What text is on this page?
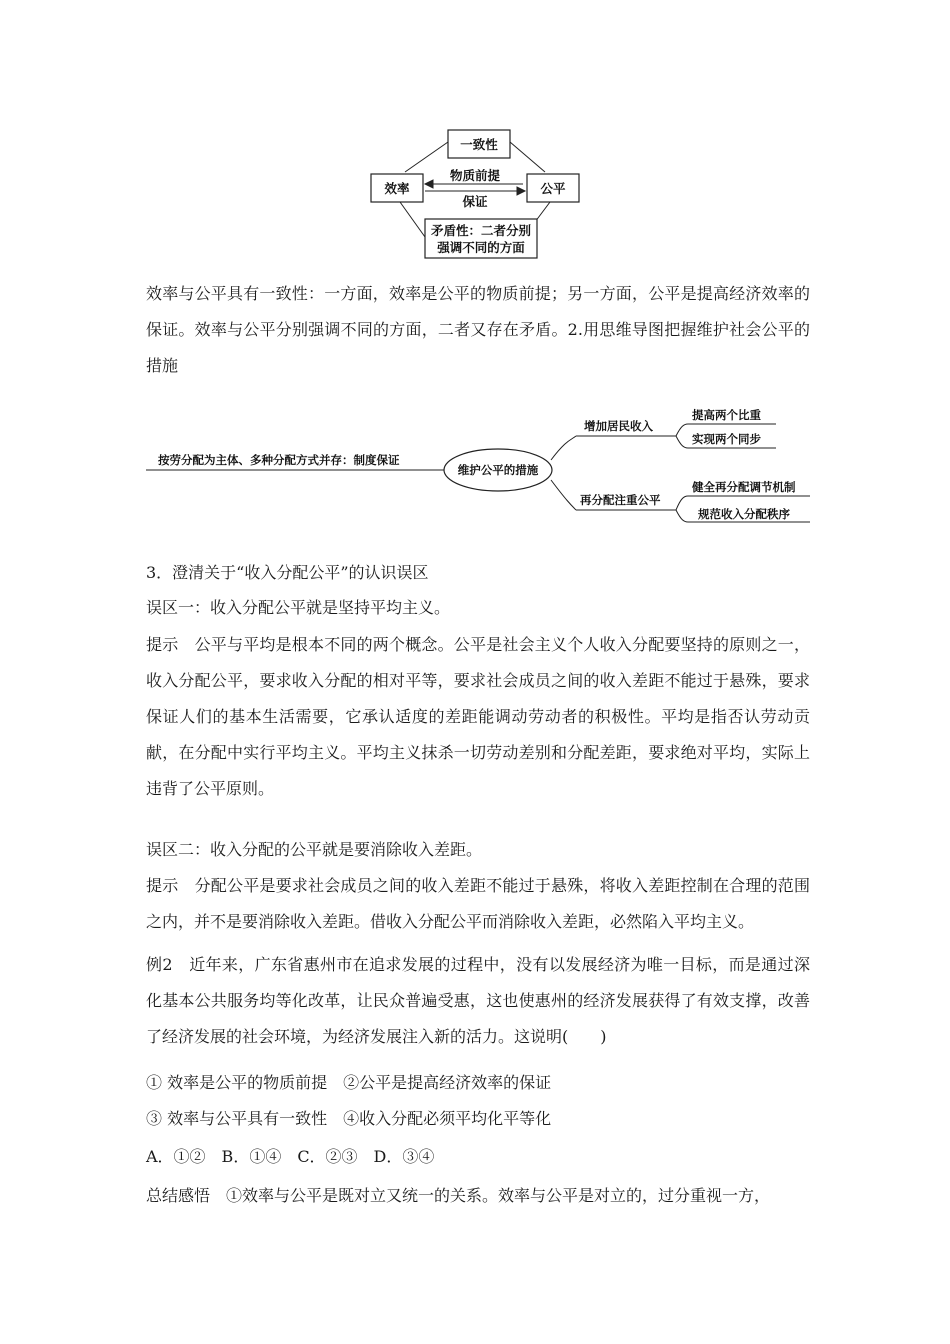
一致性
效率	公平
物质前提
保证
矛盾性：二者分别
强调不同的方面
效率与公平具有一致性：一方面，效率是公平的物质前提；另一方面，公平是提高经济效率的保证。效率与公平分别强调不同的方面，二者又存在矛盾。2.用思维导图把握维护社会公平的措施
按劳分配为主体、多种分配方式并存：制度保证
维护公平的措施
增加居民收入
再分配注重公平
提高两个比重
实现两个同步
健全再分配调节机制
规范收入分配秩序
3．澄清关于“收入分配公平”的认识误区
误区一：收入分配公平就是坚持平均主义。
提示　公平与平均是根本不同的两个概念。公平是社会主义个人收入分配要坚持的原则之一，收入分配公平，要求收入分配的相对平等，要求社会成员之间的收入差距不能过于悬殊，要求保证人们的基本生活需要，它承认适度的差距能调动劳动者的积极性。平均是指否认劳动贡献，在分配中实行平均主义。平均主义抹杀一切劳动差别和分配差距，要求绝对平均，实际上违背了公平原则。
误区二：收入分配的公平就是要消除收入差距。
提示　分配公平是要求社会成员之间的收入差距不能过于悬殊，将收入差距控制在合理的范围之内，并不是要消除收入差距。借收入分配公平而消除收入差距，必然陷入平均主义。
例2　近年来，广东省惠州市在追求发展的过程中，没有以发展经济为唯一目标，而是通过深化基本公共服务均等化改革，让民众普遍受惠，这也使惠州的经济发展获得了有效支撑，改善了经济发展的社会环境，为经济发展注入新的活力。这说明(　　)
① 效率是公平的物质前提　②公平是提高经济效率的保证
③ 效率与公平具有一致性　④收入分配必须平均化平等化
A．①②　B．①④　C．②③　D．③④
总结感悟　①效率与公平是既对立又统一的关系。效率与公平是对立的，过分重视一方，
